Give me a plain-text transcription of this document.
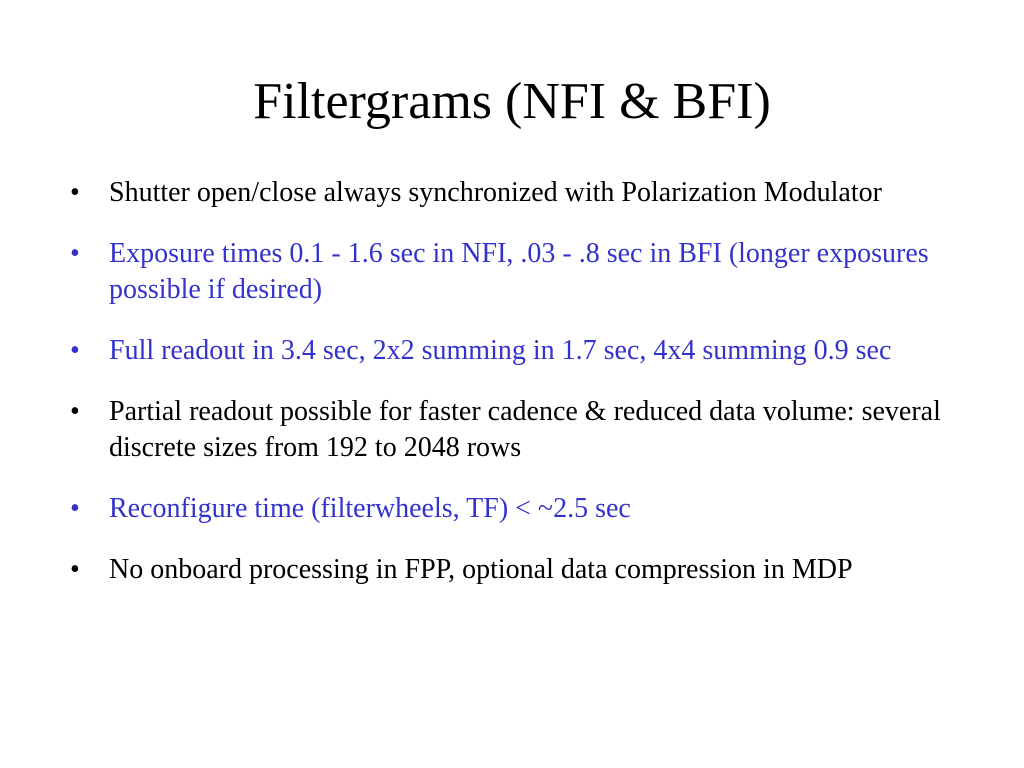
Filtergrams (NFI & BFI)
•	Shutter open/close always synchronized with Polarization Modulator
•	Exposure times 0.1 - 1.6 sec in NFI, .03 - .8 sec in BFI (longer exposures possible if desired)
•	Full readout in 3.4 sec, 2x2 summing in 1.7 sec, 4x4 summing 0.9 sec
•	Partial readout possible for faster cadence & reduced data volume: several discrete sizes from 192 to 2048 rows
•	Reconfigure time (filterwheels, TF) < ~2.5 sec
•	No onboard processing in FPP, optional data compression in MDP
